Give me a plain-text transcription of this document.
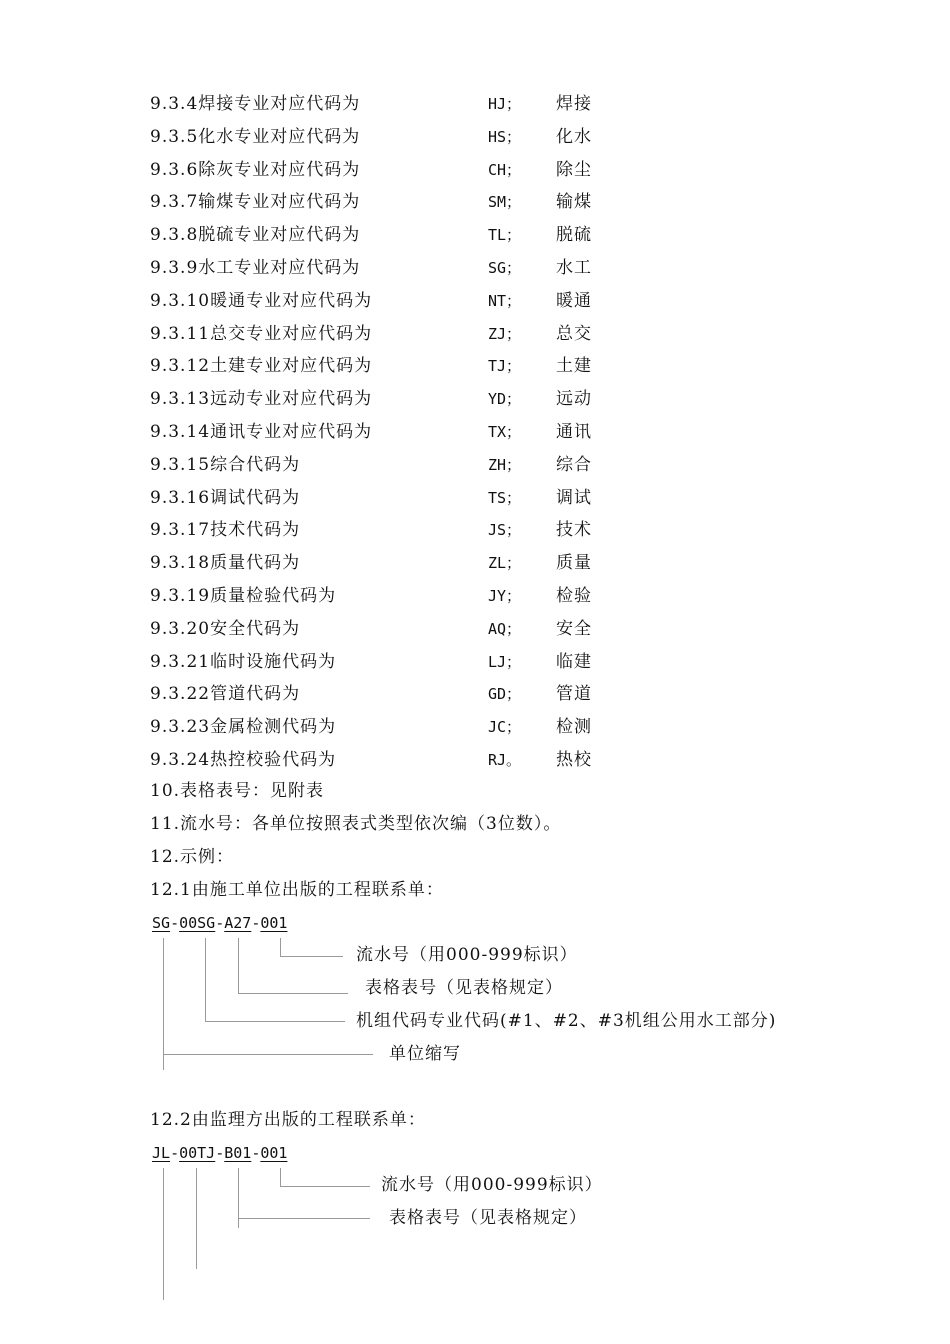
9.3.4焊接专业对应代码为	HJ； 焊接
9.3.5化水专业对应代码为	HS； 化水
9.3.6除灰专业对应代码为	CH； 除尘
9.3.7输煤专业对应代码为	SM； 输煤
9.3.8脱硫专业对应代码为	TL； 脱硫
9.3.9水工专业对应代码为	SG； 水工
9.3.10暖通专业对应代码为	NT； 暖通
9.3.11总交专业对应代码为	ZJ； 总交
9.3.12土建专业对应代码为	TJ； 土建
9.3.13远动专业对应代码为	YD； 远动
9.3.14通讯专业对应代码为	TX； 通讯
9.3.15综合代码为	ZH； 综合
9.3.16调试代码为	TS； 调试
9.3.17技术代码为	JS； 技术
9.3.18质量代码为	ZL； 质量
9.3.19质量检验代码为	JY； 检验
9.3.20安全代码为	AQ； 安全
9.3.21临时设施代码为	LJ； 临建
9.3.22管道代码为	GD； 管道
9.3.23金属检测代码为	JC； 检测
9.3.24热控校验代码为	RJ。 热校
10.表格表号：见附表
11.流水号：各单位按照表式类型依次编（3位数）。
12.示例：
12.1由施工单位出版的工程联系单：
SG-00SG-A27-001
流水号（用000-999标识）
表格表号（见表格规定）
机组代码专业代码(#1、#2、#3机组公用水工部分)
单位缩写
12.2由监理方出版的工程联系单：
JL-00TJ-B01-001
流水号（用000-999标识）
表格表号（见表格规定）
